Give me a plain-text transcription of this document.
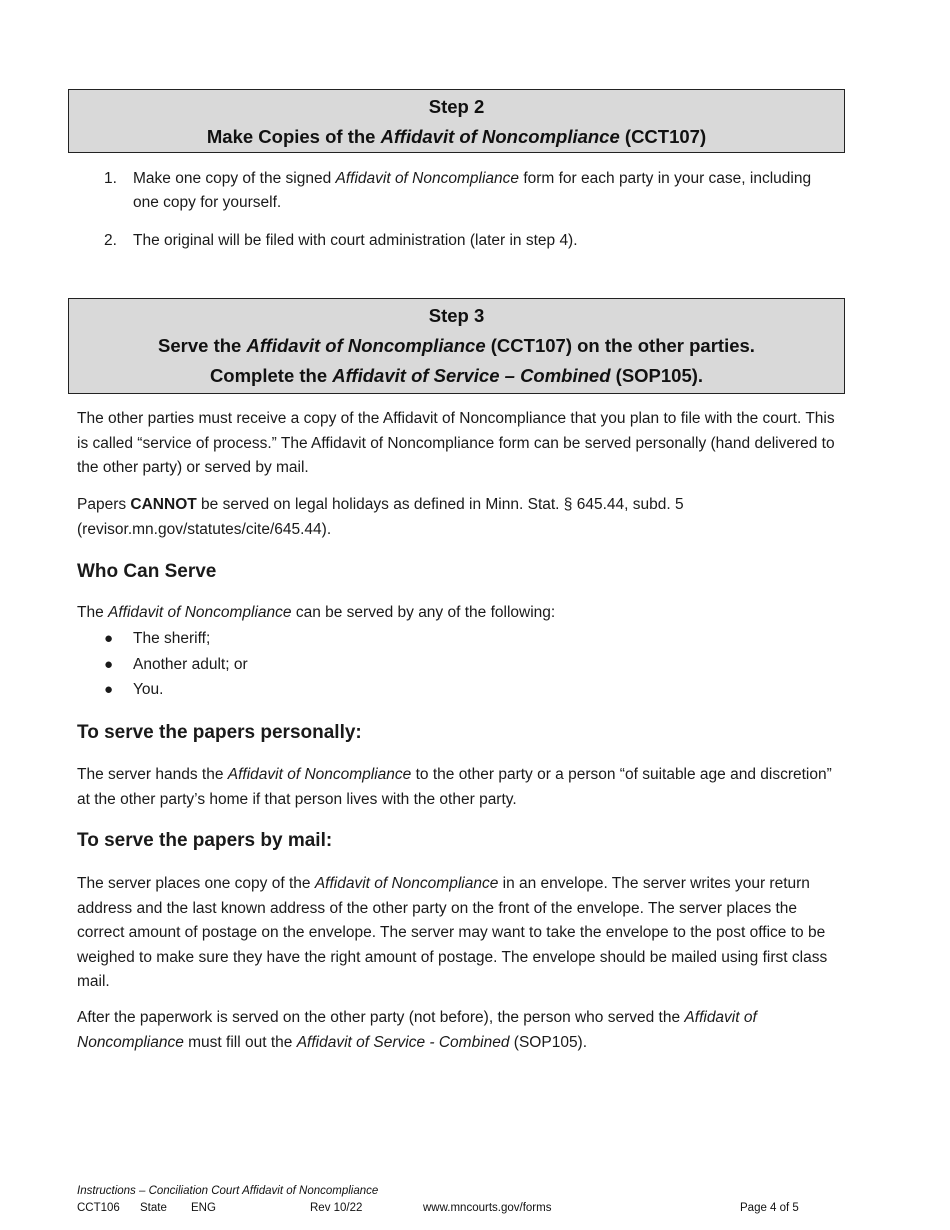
Step 2
Make Copies of the Affidavit of Noncompliance (CCT107)
1.	Make one copy of the signed Affidavit of Noncompliance form for each party in your case, including one copy for yourself.
2.	The original will be filed with court administration (later in step 4).
Step 3
Serve the Affidavit of Noncompliance (CCT107) on the other parties.
Complete the Affidavit of Service – Combined (SOP105).

The other parties must receive a copy of the Affidavit of Noncompliance that you plan to file with the court. This is called “service of process.” The Affidavit of Noncompliance form can be served personally (hand delivered to the other party) or served by mail.

Papers CANNOT be served on legal holidays as defined in Minn. Stat. § 645.44, subd. 5 (revisor.mn.gov/statutes/cite/645.44).

Who Can Serve

The Affidavit of Noncompliance can be served by any of the following:

●	The sheriff;
●	Another adult; or
●	You.
To serve the papers personally:

The server hands the Affidavit of Noncompliance to the other party or a person “of suitable age and discretion” at the other party’s home if that person lives with the other party.

To serve the papers by mail:

The server places one copy of the Affidavit of Noncompliance in an envelope. The server writes your return address and the last known address of the other party on the front of the envelope. The server places the correct amount of postage on the envelope. The server may want to take the envelope to the post office to be weighed to make sure they have the right amount of postage. The envelope should be mailed using first class mail.

After the paperwork is served on the other party (not before), the person who served the Affidavit of Noncompliance must fill out the Affidavit of Service - Combined (SOP105).

Instructions – Conciliation Court Affidavit of Noncompliance
CCT106 State ENG	Rev 10/22	www.mncourts.gov/forms	Page 4 of 5
